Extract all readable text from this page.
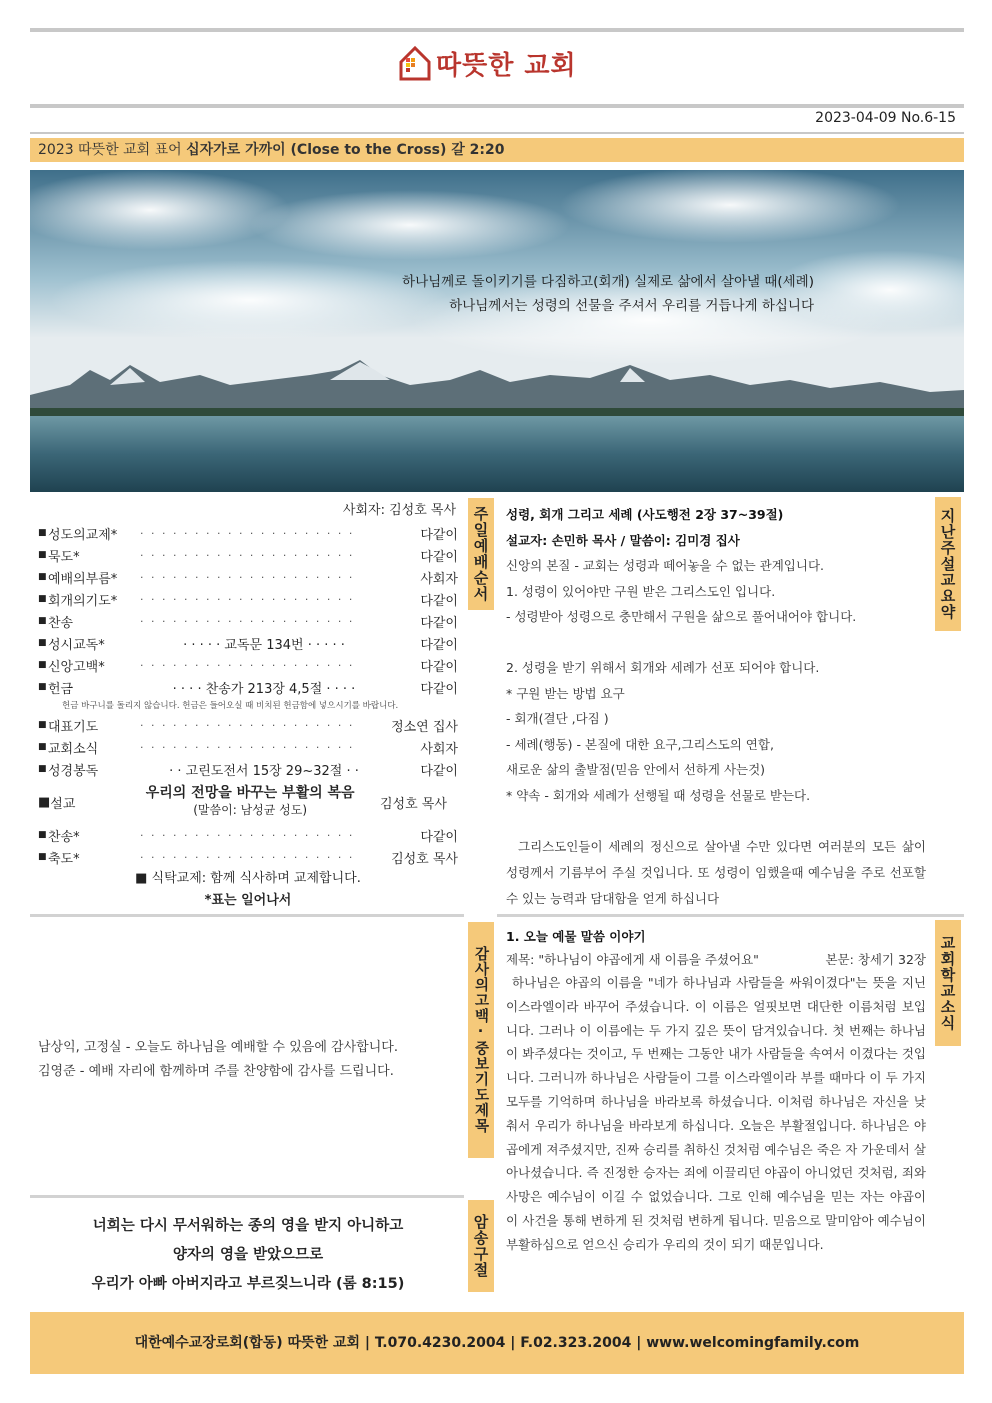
따뜻한 교회
2023-04-09 No.6-15
2023 따뜻한 교회 표어 십자가로 가까이 (Close to the Cross) 갈 2:20
하나님께로 돌이키기를 다짐하고(회개) 실제로 삶에서 살아낼 때(세례)
하나님께서는 성령의 선물을 주셔서 우리를 거듭나게 하십니다
사회자: 김성호 목사
■ 성도의교제*	· · · · · · · · · · · · · · · · · · · ·	다같이
■ 묵도*	· · · · · · · · · · · · · · · · · · · ·	다같이
■ 예배의부름*	· · · · · · · · · · · · · · · · · · · ·	사회자
■ 회개의기도*	· · · · · · · · · · · · · · · · · · · ·	다같이
■ 찬송	· · · · · · · · · · · · · · · · · · · ·	다같이
■ 성시교독*	· · · · · 교독문 134번 · · · · ·	다같이
■ 신앙고백*	· · · · · · · · · · · · · · · · · · · ·	다같이
■ 헌금	· · · · 찬송가 213장 4,5절 · · · ·	다같이
헌금 바구니를 돌리지 않습니다. 헌금은 들어오실 때 비치된 헌금함에 넣으시기를 바랍니다.
■ 대표기도	· · · · · · · · · · · · · · · · · · · ·	정소연 집사
■ 교회소식	· · · · · · · · · · · · · · · · · · · ·	사회자
■ 성경봉독	· · 고린도전서 15장 29~32절 · ·	다같이
■ 설교
우리의 전망을 바꾸는 부활의 복음
(말씀이: 남성균 성도)	김성호 목사
■ 찬송*	· · · · · · · · · · · · · · · · · · · ·	다같이
■ 축도*	· · · · · · · · · · · · · · · · · · · ·	김성호 목사
■ 식탁교제: 함께 식사하며 교제합니다.
*표는 일어나서
주일예배순서	성령, 회개 그리고 세례 (사도행전 2장 37~39절)
설교자: 손민하 목사 / 말씀이: 김미경 집사
신앙의 본질 - 교회는 성령과 떼어놓을 수 없는 관계입니다.
1. 성령이 있어야만 구원 받은 그리스도인 입니다.
- 성령받아 성령으로 충만해서 구원을 삶으로 풀어내어야 합니다.
2. 성령을 받기 위해서 회개와 세례가 선포 되어야 합니다.
* 구원 받는 방법 요구
- 회개(결단 ,다짐 )
- 세례(행동) - 본질에 대한 요구,그리스도의 연합,
새로운 삶의 출발점(믿음 안에서 선하게 사는것)
* 약속 - 회개와 세례가 선행될 때 성령을 선물로 받는다.
그리스도인들이 세례의 정신으로 살아낼 수만 있다면 여러분의 모든 삶이 성령께서 기름부어 주실 것입니다. 또 성령이 임했을때 예수님을 주로 선포할수 있는 능력과 담대함을 얻게 하십니다
지난주설교요약
남상익, 고정실 - 오늘도 하나님을 예배할 수 있음에 감사합니다.
김영준 - 예배 자리에 함께하며 주를 찬양함에 감사를 드립니다.	감사의고백·중보기도제목
너희는 다시 무서워하는 종의 영을 받지 아니하고
양자의 영을 받았으므로
우리가 아빠 아버지라고 부르짖느니라 (롬 8:15)
암송구절
1. 오늘 예물 말씀 이야기
제목: "하나님이 야곱에게 새 이름을 주셨어요"	본문: 창세기 32장
하나님은 야곱의 이름을 "네가 하나님과 사람들을 싸워이겼다"는 뜻을 지닌 이스라엘이라 바꾸어 주셨습니다. 이 이름은 얼핏보면 대단한 이름처럼 보입니다. 그러나 이 이름에는 두 가지 깊은 뜻이 담겨있습니다. 첫 번째는 하나님이 봐주셨다는 것이고, 두 번째는 그동안 내가 사람들을 속여서 이겼다는 것입니다. 그러니까 하나님은 사람들이 그를 이스라엘이라 부를 때마다 이 두 가지 모두를 기억하며 하나님을 바라보록 하셨습니다. 이처럼 하나님은 자신을 낮춰서 우리가 하나님을 바라보게 하십니다. 오늘은 부활절입니다. 하나님은 야곱에게 져주셨지만, 진짜 승리를 취하신 것처럼 예수님은 죽은 자 가운데서 살아나셨습니다. 즉 진정한 승자는 죄에 이끌리던 야곱이 아니었던 것처럼, 죄와 사망은 예수님이 이길 수 없었습니다. 그로 인해 예수님을 믿는 자는 야곱이 이 사건을 통해 변하게 된 것처럼 변하게 됩니다. 믿음으로 말미암아 예수님이 부활하심으로 얻으신 승리가 우리의 것이 되기 때문입니다.
교회학교소식
대한예수교장로회(합동) 따뜻한 교회 | T.070.4230.2004 | F.02.323.2004 | www.welcomingfamily.com
